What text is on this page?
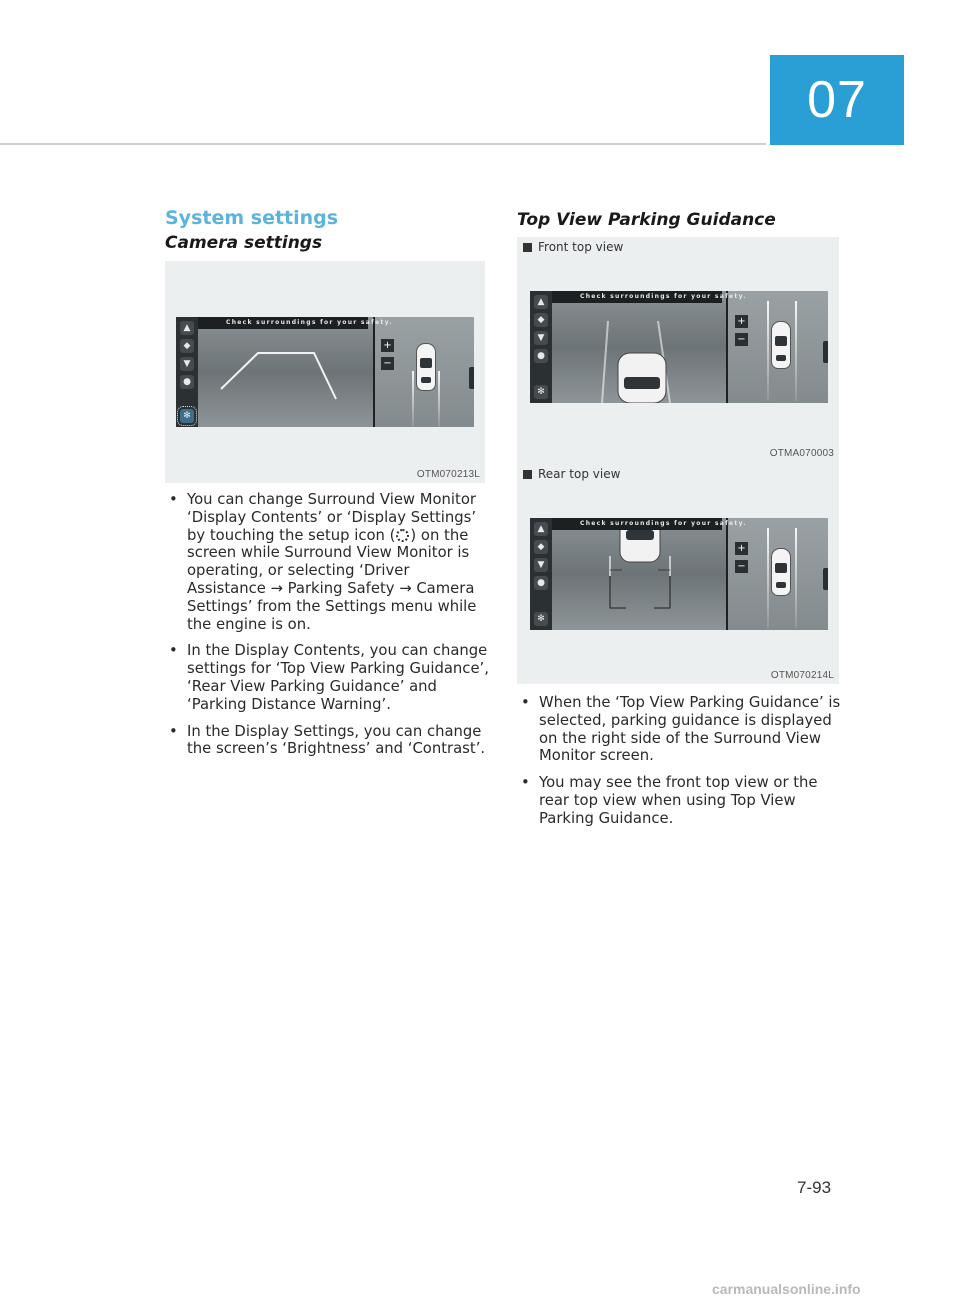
07
System settings
Camera settings
▲
◆
▼
●
✻
Check surroundings for your safety.
+
−
OTM070213L
• You can change Surround View Monitor ‘Display Contents’ or ‘Display Settings’ by touching the setup icon ( ) on the screen while Surround View Monitor is operating, or selecting ‘Driver Assistance → Parking Safety → Camera Settings’ from the Settings menu while the engine is on.
• In the Display Contents, you can change settings for ‘Top View Parking Guidance’, ‘Rear View Parking Guidance’ and ‘Parking Distance Warning’.
• In the Display Settings, you can change the screen’s ‘Brightness’ and ‘Contrast’.
Top View Parking Guidance
Front top view
▲
◆
▼
●
✻
Check surroundings for your safety.
+
−
OTMA070003
Rear top view
▲
◆
▼
●
✻
Check surroundings for your safety.
+
−
OTM070214L
• When the ‘Top View Parking Guidance’ is selected, parking guidance is displayed on the right side of the Surround View Monitor screen.
• You may see the front top view or the rear top view when using Top View Parking Guidance.
7-93
carmanualsonline.info
